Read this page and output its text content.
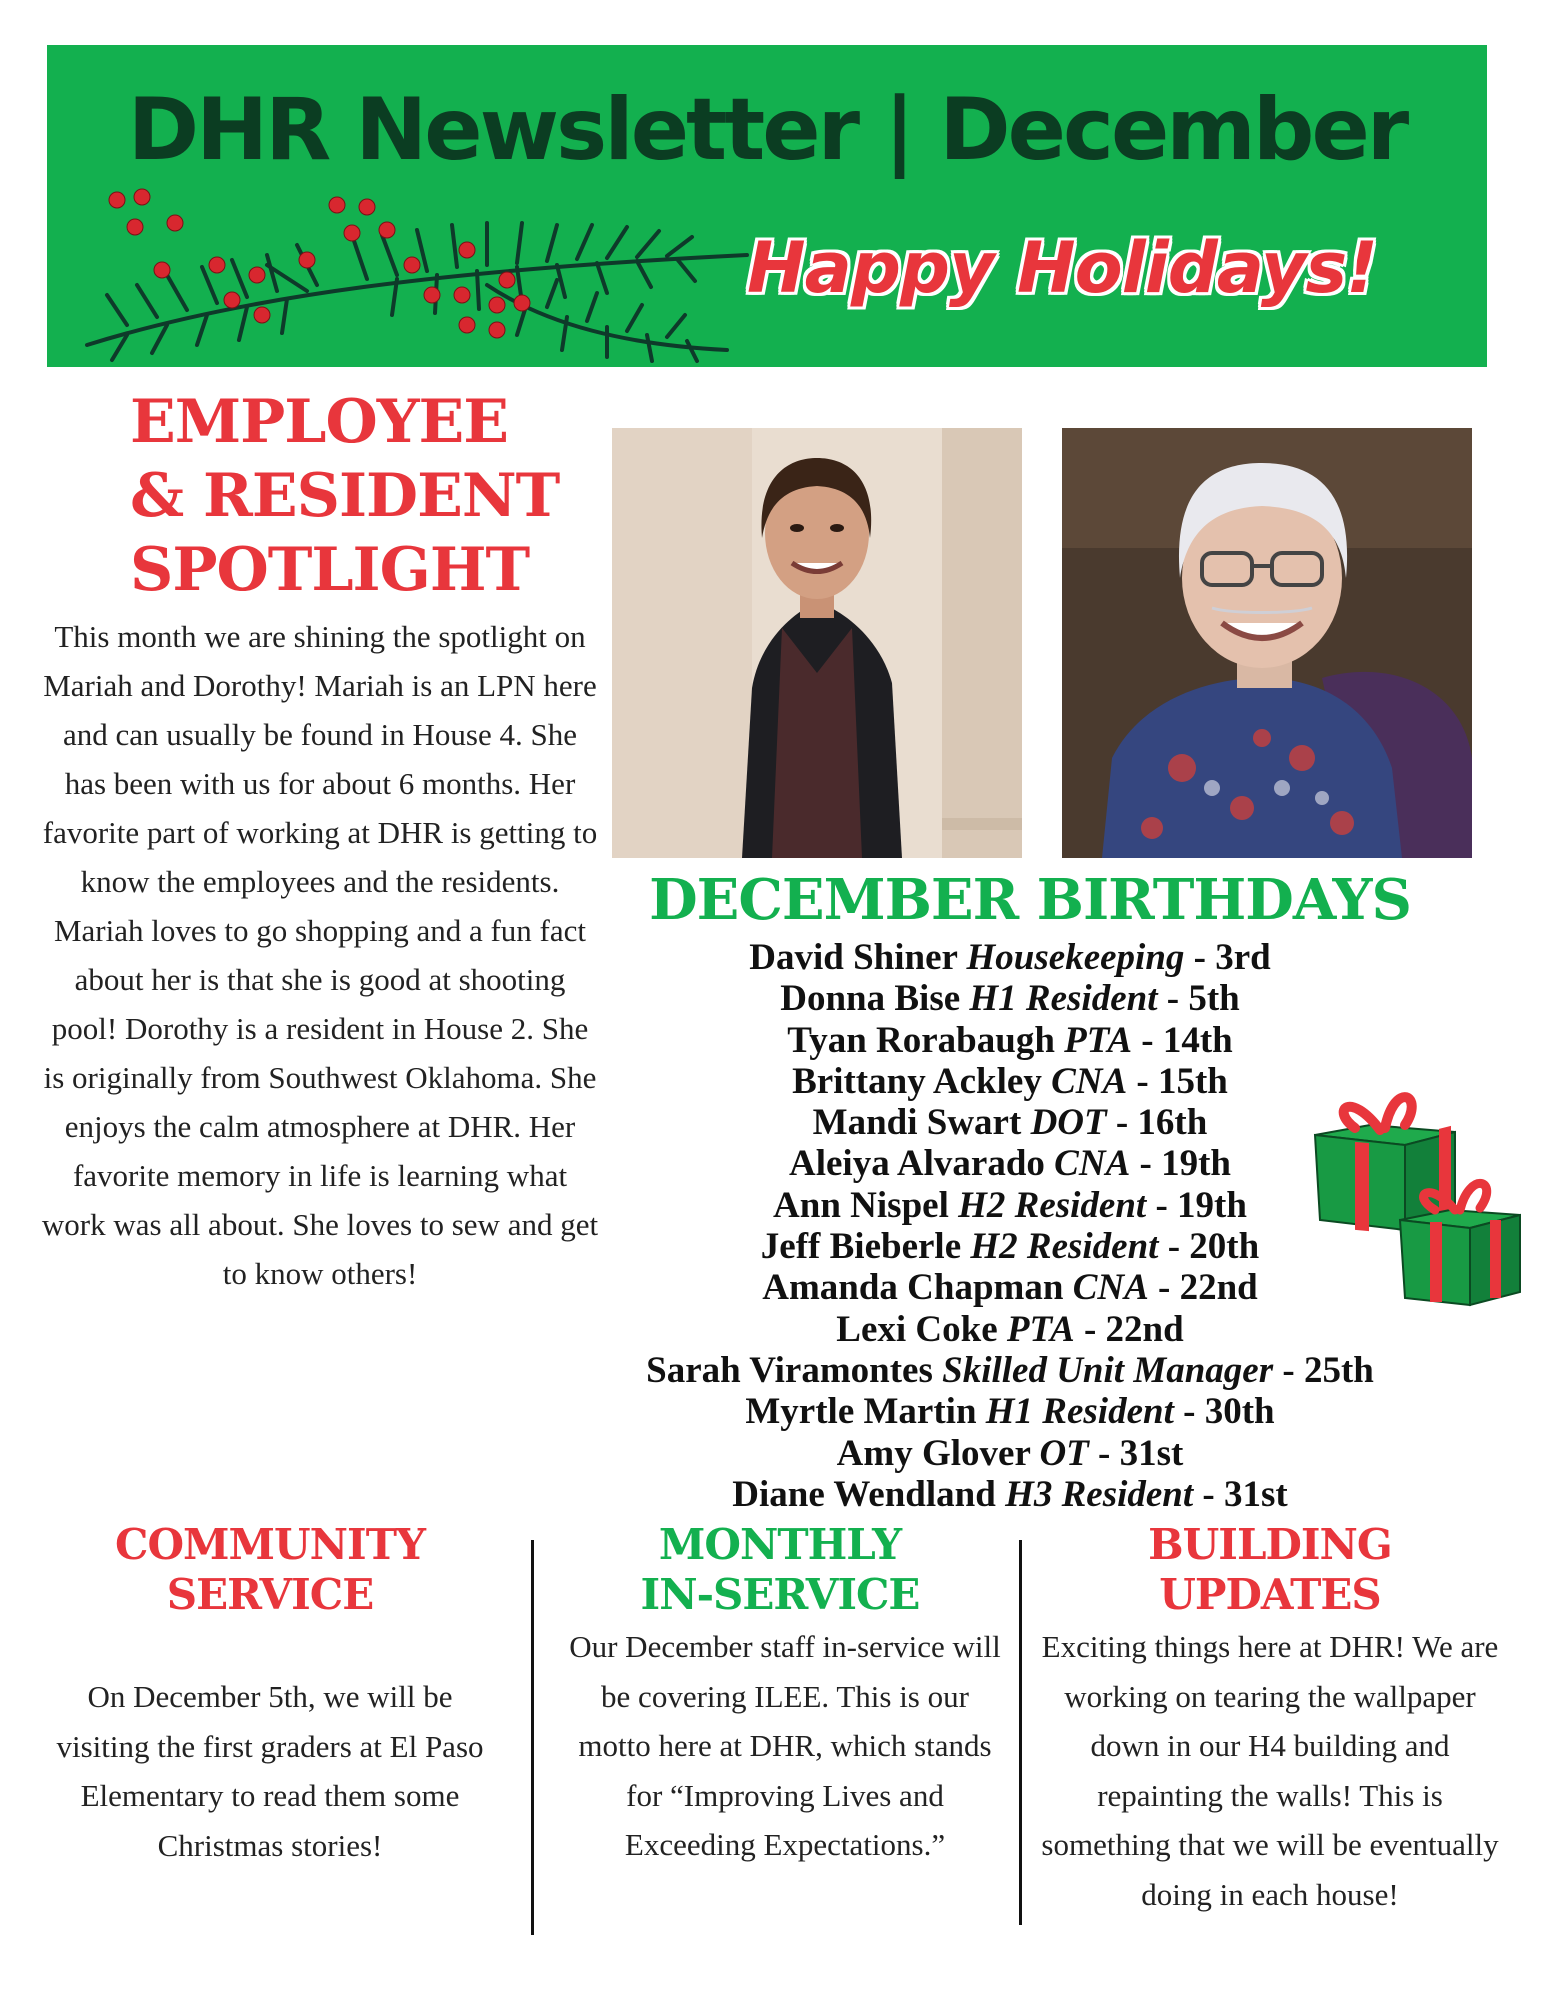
DHR Newsletter | December
Happy Holidays!
EMPLOYEE
& RESIDENT
SPOTLIGHT
This month we are shining the spotlight on Mariah and Dorothy! Mariah is an LPN here and can usually be found in House 4. She has been with us for about 6 months. Her favorite part of working at DHR is getting to know the employees and the residents. Mariah loves to go shopping and a fun fact about her is that she is good at shooting pool! Dorothy is a resident in House 2. She is originally from Southwest Oklahoma. She enjoys the calm atmosphere at DHR. Her favorite memory in life is learning what work was all about. She loves to sew and get to know others!
DECEMBER BIRTHDAYS
David Shiner Housekeeping - 3rd
Donna Bise H1 Resident - 5th
Tyan Rorabaugh PTA - 14th
Brittany Ackley CNA - 15th
Mandi Swart DOT - 16th
Aleiya Alvarado CNA - 19th
Ann Nispel H2 Resident - 19th
Jeff Bieberle H2 Resident - 20th
Amanda Chapman CNA - 22nd
Lexi Coke PTA - 22nd
Sarah Viramontes Skilled Unit Manager - 25th
Myrtle Martin H1 Resident - 30th
Amy Glover OT - 31st
Diane Wendland H3 Resident - 31st
COMMUNITY
SERVICE
On December 5th, we will be visiting the first graders at El Paso Elementary to read them some Christmas stories!
MONTHLY
IN-SERVICE
Our December staff in-service will be covering ILEE. This is our motto here at DHR, which stands for “Improving Lives and Exceeding Expectations.”
BUILDING
UPDATES
Exciting things here at DHR! We are working on tearing the wallpaper down in our H4 building and repainting the walls! This is something that we will be eventually doing in each house!
